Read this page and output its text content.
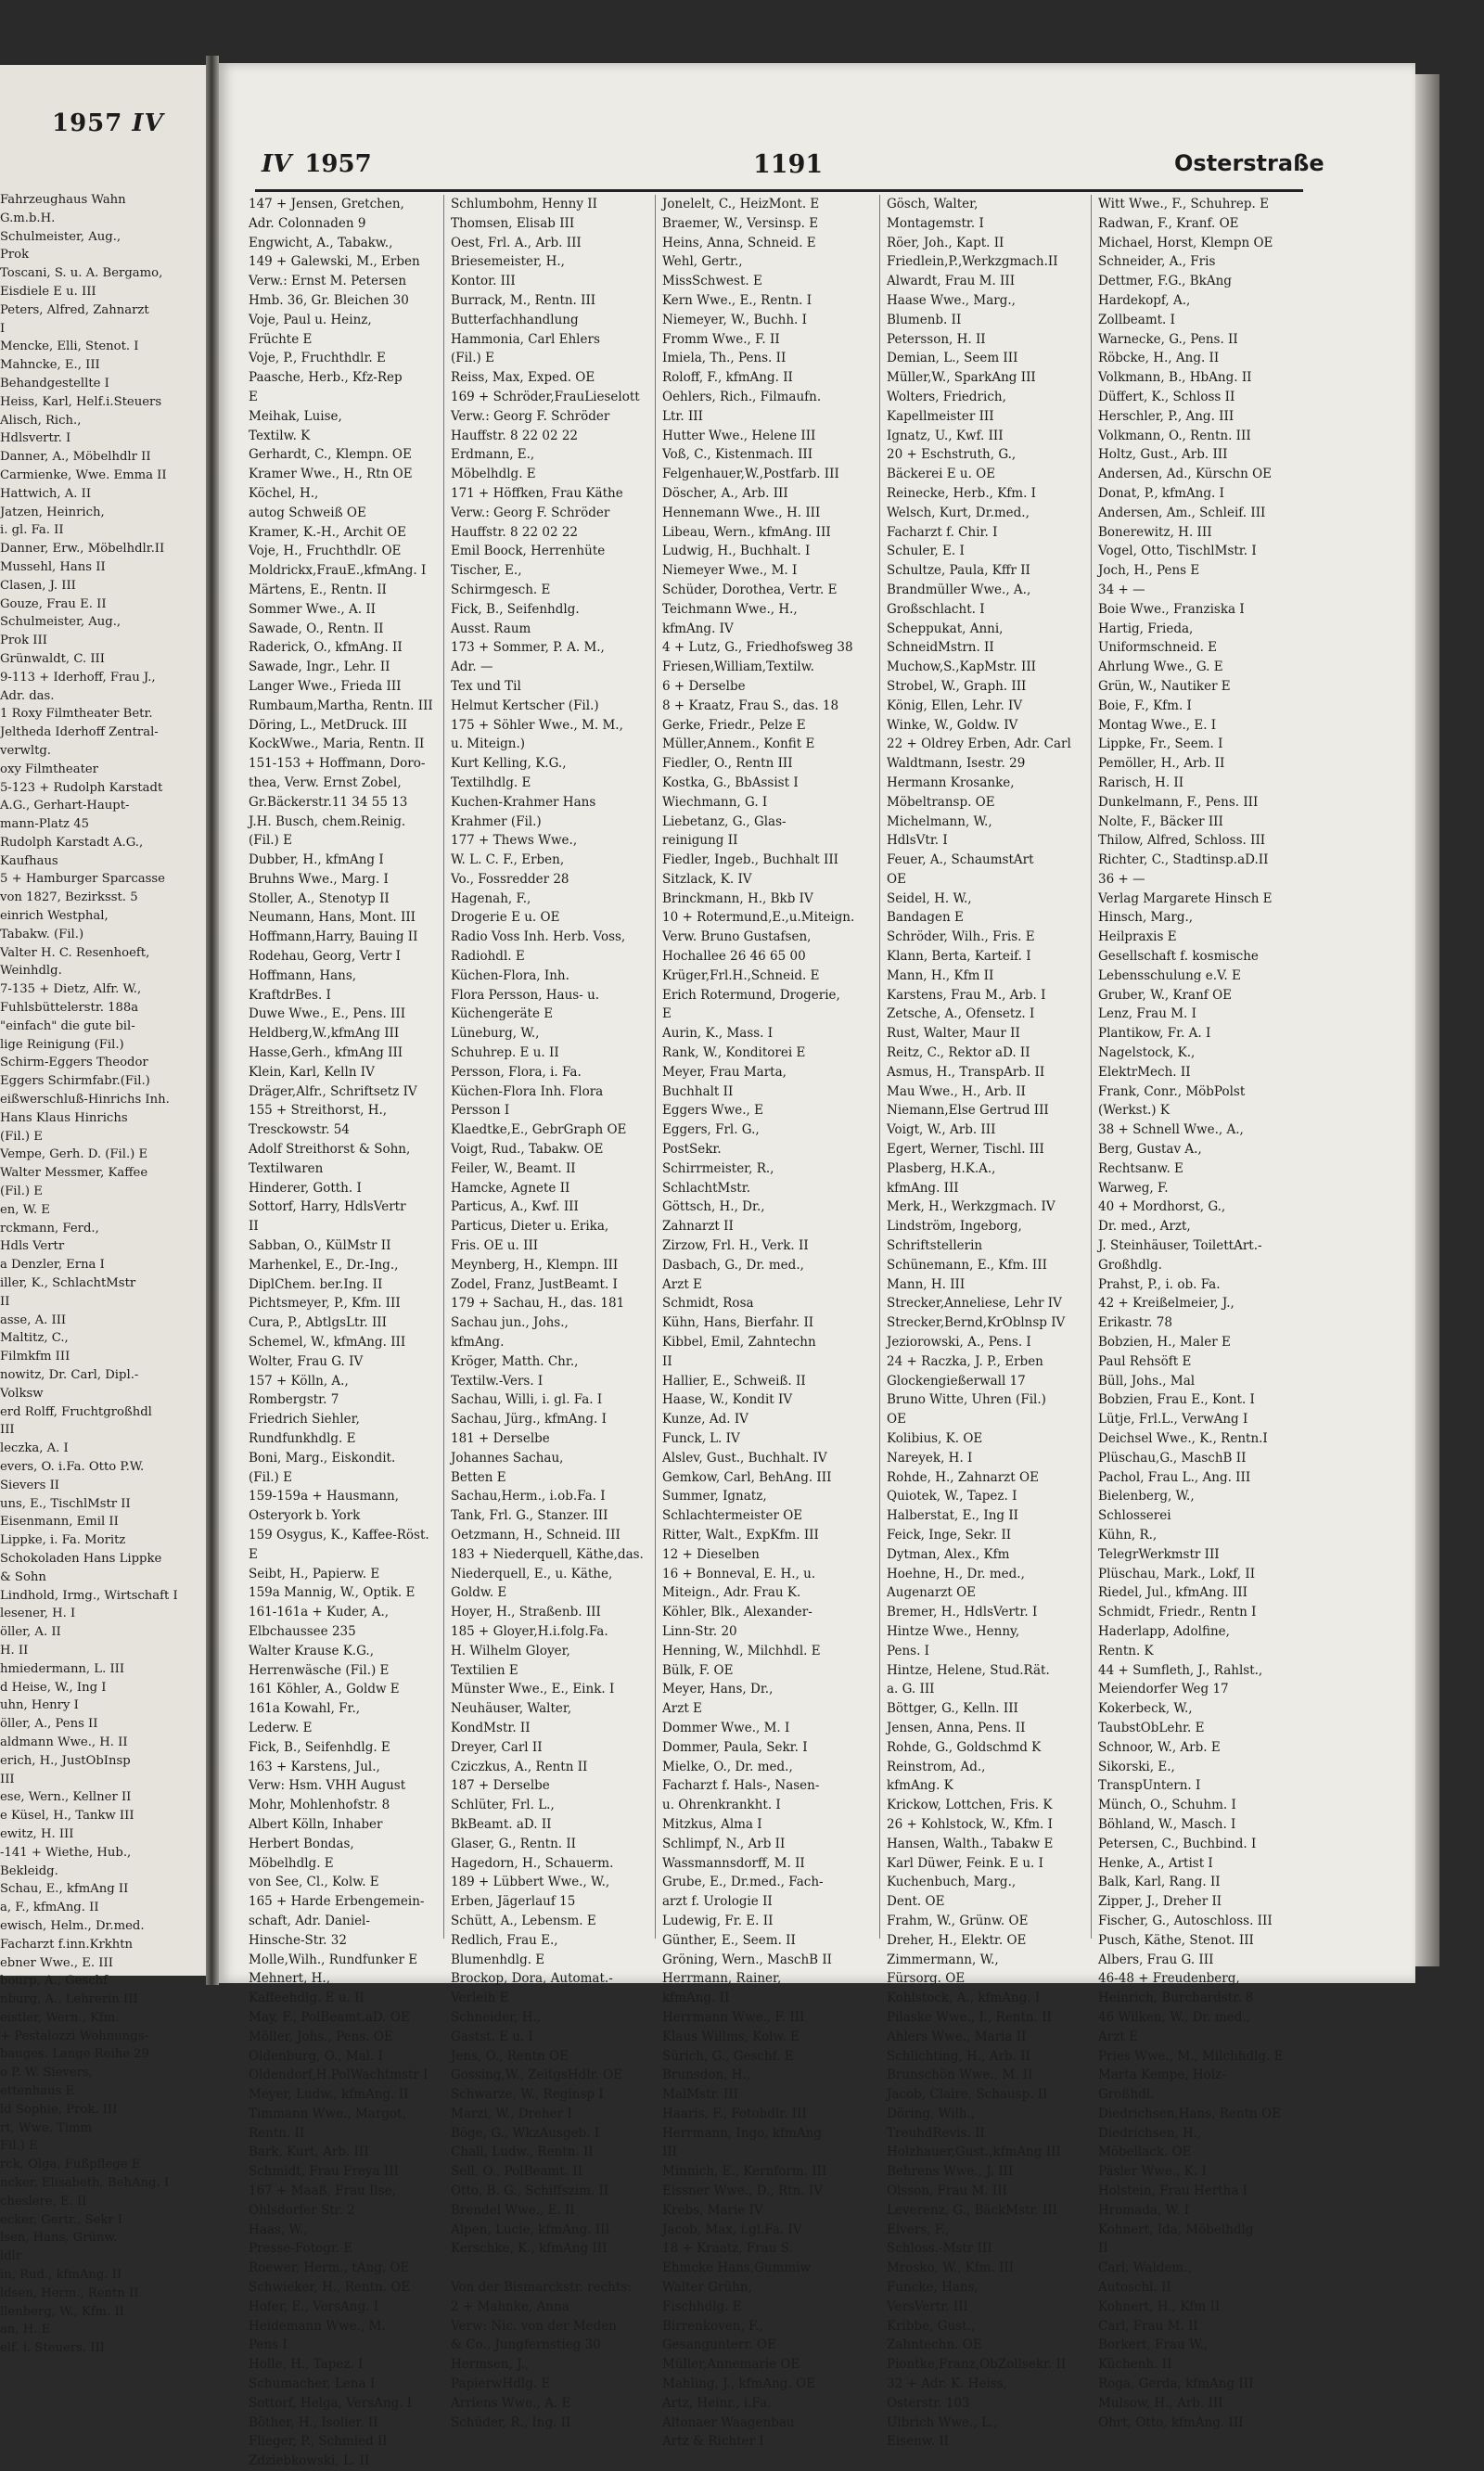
1957 IV
Fahrzeughaus Wahn
G.m.b.H.
Schulmeister, Aug.,
Prok
Toscani, S. u. A. Bergamo,
Eisdiele E u. III
Peters, Alfred, Zahnarzt
I
Mencke, Elli, Stenot. I
Mahncke, E., III
Behandgestellte I
Heiss, Karl, Helf.i.Steuers
Alisch, Rich.,
Hdlsvertr. I
Danner, A., Möbelhdlr II
Carmienke, Wwe. Emma II
Hattwich, A. II
Jatzen, Heinrich,
i. gl. Fa. II
Danner, Erw., Möbelhdlr.II
Mussehl, Hans II
Clasen, J. III
Gouze, Frau E. II
Schulmeister, Aug.,
Prok III
Grünwaldt, C. III
9-113 + Iderhoff, Frau J.,
Adr. das.
1 Roxy Filmtheater Betr.
Jeltheda Iderhoff Zentral-
verwltg.
oxy Filmtheater
5-123 + Rudolph Karstadt
A.G., Gerhart-Haupt-
mann-Platz 45
Rudolph Karstadt A.G.,
Kaufhaus
5 + Hamburger Sparcasse
von 1827, Bezirksst. 5
einrich Westphal,
Tabakw. (Fil.)
Valter H. C. Resenhoeft,
Weinhdlg.
7-135 + Dietz, Alfr. W.,
Fuhlsbüttelerstr. 188a
"einfach" die gute bil-
lige Reinigung (Fil.)
Schirm-Eggers Theodor
Eggers Schirmfabr.(Fil.)
eißwerschluß-Hinrichs Inh.
Hans Klaus Hinrichs
(Fil.) E
Vempe, Gerh. D. (Fil.) E
Walter Messmer, Kaffee
(Fil.) E
en, W. E
rckmann, Ferd.,
Hdls Vertr
a Denzler, Erna I
iller, K., SchlachtMstr
II
asse, A. III
Maltitz, C.,
Filmkfm III
nowitz, Dr. Carl, Dipl.-
Volksw
erd Rolff, Fruchtgroßhdl
III
leczka, A. I
evers, O. i.Fa. Otto P.W.
Sievers II
uns, E., TischlMstr II
Eisenmann, Emil II
Lippke, i. Fa. Moritz
Schokoladen Hans Lippke
& Sohn
Lindhold, Irmg., Wirtschaft I
lesener, H. I
öller, A. II
H. II
hmiedermann, L. III
d Heise, W., Ing I
uhn, Henry I
öller, A., Pens II
aldmann Wwe., H. II
erich, H., JustObInsp
III
ese, Wern., Kellner II
e Küsel, H., Tankw III
ewitz, H. III
-141 + Wiethe, Hub.,
Bekleidg.
Schau, E., kfmAng II
a, F., kfmAng. II
ewisch, Helm., Dr.med.
Facharzt f.inn.Krkhtn
ebner Wwe., E. III
bourp, A., Geschf
nburg, A., Lehrerin III
eistler, Wern., Kfm.
+ Pestalozzi Wohnungs-
bauges. Lange Reihe 29
o P. W. Sievers,
ettenhaus E
ld Sophie, Prok. III
rt, Wwe. Timm
Fil.) E
rck, Olga, Fußpflege E
ncker, Elisabeth, BehAng. I
cheslere, E. II
ecker, Gertr., Sekr I
lsen, Hans, Grünw.
ldlr
in, Rud., kfmAng. II
ldsen, Herm., Rentn II
llenberg, W., Kfm. II
an, H. E
elf. i. Steuers. III
IV 1957	1191	Osterstraße
147 + Jensen, Gretchen,
Adr. Colonnaden 9
Engwicht, A., Tabakw.,
149 + Galewski, M., Erben
Verw.: Ernst M. Petersen
Hmb. 36, Gr. Bleichen 30
Voje, Paul u. Heinz,
Früchte E
Voje, P., Fruchthdlr. E
Paasche, Herb., Kfz-Rep
E
Meihak, Luise,
Textilw. K
Gerhardt, C., Klempn. OE
Kramer Wwe., H., Rtn OE
Köchel, H.,
autog Schweiß OE
Kramer, K.-H., Archit OE
Voje, H., Fruchthdlr. OE
Moldrickx,FrauE.,kfmAng. I
Märtens, E., Rentn. II
Sommer Wwe., A. II
Sawade, O., Rentn. II
Raderick, O., kfmAng. II
Sawade, Ingr., Lehr. II
Langer Wwe., Frieda III
Rumbaum,Martha, Rentn. III
Döring, L., MetDruck. III
KockWwe., Maria, Rentn. II
151-153 + Hoffmann, Doro-
thea, Verw. Ernst Zobel,
Gr.Bäckerstr.11 34 55 13
J.H. Busch, chem.Reinig.
(Fil.) E
Dubber, H., kfmAng I
Bruhns Wwe., Marg. I
Stoller, A., Stenotyp II
Neumann, Hans, Mont. III
Hoffmann,Harry, Bauing II
Rodehau, Georg, Vertr I
Hoffmann, Hans,
KraftdrBes. I
Duwe Wwe., E., Pens. III
Heldberg,W.,kfmAng III
Hasse,Gerh., kfmAng III
Klein, Karl, Kelln IV
Dräger,Alfr., Schriftsetz IV
155 + Streithorst, H.,
Tresckowstr. 54
Adolf Streithorst & Sohn,
Textilwaren
Hinderer, Gotth. I
Sottorf, Harry, HdlsVertr
II
Sabban, O., KülMstr II
Marhenkel, E., Dr.-Ing.,
DiplChem. ber.Ing. II
Pichtsmeyer, P., Kfm. III
Cura, P., AbtlgsLtr. III
Schemel, W., kfmAng. III
Wolter, Frau G. IV
157 + Kölln, A.,
Rombergstr. 7
Friedrich Siehler,
Rundfunkhdlg. E
Boni, Marg., Eiskondit.
(Fil.) E
159-159a + Hausmann,
Osteryork b. York
159 Osygus, K., Kaffee-Röst.
E
Seibt, H., Papierw. E
159a Mannig, W., Optik. E
161-161a + Kuder, A.,
Elbchaussee 235
Walter Krause K.G.,
Herrenwäsche (Fil.) E
161 Köhler, A., Goldw E
161a Kowahl, Fr.,
Lederw. E
Fick, B., Seifenhdlg. E
163 + Karstens, Jul.,
Verw: Hsm. VHH August
Mohr, Mohlenhofstr. 8
Albert Kölln, Inhaber
Herbert Bondas,
Möbelhdlg. E
von See, Cl., Kolw. E
165 + Harde Erbengemein-
schaft, Adr. Daniel-
Hinsche-Str. 32
Molle,Wilh., Rundfunker E
Mehnert, H.,
Kaffeehdlg. E u. II
May, F., PolBeamt.aD. OE
Möller, Johs., Pens. OE
Oldenburg, O., Mal. I
Oldendorf,H.PolWachtmstr I
Meyer, Ludw., kfmAng. II
Timmann Wwe., Margot,
Rentn. II
Bark, Kurt, Arb. III
Schmidt, Frau Freya III
167 + Maaß, Frau Ilse,
Ohlsdorfer Str. 2
Haas, W.,
Presse-Fotogr. E
Roewer, Herm., tAng. OE
Schwieker, H., Rentn. OE
Hofer, E., VersAng. I
Heidemann Wwe., M.
Pens I
Holle, H., Tapez. I
Schumacher, Lena I
Sottorf, Helga, VersAng. I
Böther, H., Isolier. II
Flieger, P., Schmied II
Zdziebkowski, L. II
Schlumbohm, Henny II
Thomsen, Elisab III
Oest, Frl. A., Arb. III
Briesemeister, H.,
Kontor. III
Burrack, M., Rentn. III
Butterfachhandlung
Hammonia, Carl Ehlers
(Fil.) E
Reiss, Max, Exped. OE
169 + Schröder,FrauLieselott
Verw.: Georg F. Schröder
Hauffstr. 8 22 02 22
Erdmann, E.,
Möbelhdlg. E
171 + Höffken, Frau Käthe
Verw.: Georg F. Schröder
Hauffstr. 8 22 02 22
Emil Boock, Herrenhüte
Tischer, E.,
Schirmgesch. E
Fick, B., Seifenhdlg.
Ausst. Raum
173 + Sommer, P. A. M.,
Adr. —
Tex und Til
Helmut Kertscher (Fil.)
175 + Söhler Wwe., M. M.,
u. Miteign.)
Kurt Kelling, K.G.,
Textilhdlg. E
Kuchen-Krahmer Hans
Krahmer (Fil.)
177 + Thews Wwe.,
W. L. C. F., Erben,
Vo., Fossredder 28
Hagenah, F.,
Drogerie E u. OE
Radio Voss Inh. Herb. Voss,
Radiohdl. E
Küchen-Flora, Inh.
Flora Persson, Haus- u.
Küchengeräte E
Lüneburg, W.,
Schuhrep. E u. II
Persson, Flora, i. Fa.
Küchen-Flora Inh. Flora
Persson I
Klaedtke,E., GebrGraph OE
Voigt, Rud., Tabakw. OE
Feiler, W., Beamt. II
Hamcke, Agnete II
Particus, A., Kwf. III
Particus, Dieter u. Erika,
Fris. OE u. III
Meynberg, H., Klempn. III
Zodel, Franz, JustBeamt. I
179 + Sachau, H., das. 181
Sachau jun., Johs.,
kfmAng.
Kröger, Matth. Chr.,
Textilw.-Vers. I
Sachau, Willi, i. gl. Fa. I
Sachau, Jürg., kfmAng. I
181 + Derselbe
Johannes Sachau,
Betten E
Sachau,Herm., i.ob.Fa. I
Tank, Frl. G., Stanzer. III
Oetzmann, H., Schneid. III
183 + Niederquell, Käthe,das.
Niederquell, E., u. Käthe,
Goldw. E
Hoyer, H., Straßenb. III
185 + Gloyer,H.i.folg.Fa.
H. Wilhelm Gloyer,
Textilien E
Münster Wwe., E., Eink. I
Neuhäuser, Walter,
KondMstr. II
Dreyer, Carl II
Cziczkus, A., Rentn II
187 + Derselbe
Schlüter, Frl. L.,
BkBeamt. aD. II
Glaser, G., Rentn. II
Hagedorn, H., Schauerm.
189 + Lübbert Wwe., W.,
Erben, Jägerlauf 15
Schütt, A., Lebensm. E
Redlich, Frau E.,
Blumenhdlg. E
Brockop, Dora, Automat.-
Verleih E
Schneider, H.,
Gastst. E u. I
Jens, O., Rentn OE
Gossing,W., ZeitgsHdlr. OE
Schwarze, W., Reginsp I
Marzi, W., Dreher I
Böge, G., WkzAusgeb. I
Chall, Ludw., Rentn. II
Sell, O., PolBeamt. II
Otto, B. G., Schiffszim. II
Brendel Wwe., E. II
Alpen, Lucie, kfmAng. III
Kerschke, K., kfmAng III
Von der Bismarckstr. rechts:
2 + Mahnke, Anna
Verw: Nic. von der Meden
& Co., Jungfernstieg 30
Hermsen, J.,
PapierwHdlg. E
Arriens Wwe., A. E
Schüder, R., Ing. II
Jonelelt, C., HeizMont. E
Braemer, W., Versinsp. E
Heins, Anna, Schneid. E
Wehl, Gertr.,
MissSchwest. E
Kern Wwe., E., Rentn. I
Niemeyer, W., Buchh. I
Fromm Wwe., F. II
Imiela, Th., Pens. II
Roloff, F., kfmAng. II
Oehlers, Rich., Filmaufn.
Ltr. III
Hutter Wwe., Helene III
Voß, C., Kistenmach. III
Felgenhauer,W.,Postfarb. III
Döscher, A., Arb. III
Hennemann Wwe., H. III
Libeau, Wern., kfmAng. III
Ludwig, H., Buchhalt. I
Niemeyer Wwe., M. I
Schüder, Dorothea, Vertr. E
Teichmann Wwe., H.,
kfmAng. IV
4 + Lutz, G., Friedhofsweg 38
Friesen,William,Textilw.
6 + Derselbe
8 + Kraatz, Frau S., das. 18
Gerke, Friedr., Pelze E
Müller,Annem., Konfit E
Fiedler, O., Rentn III
Kostka, G., BbAssist I
Wiechmann, G. I
Liebetanz, G., Glas-
reinigung II
Fiedler, Ingeb., Buchhalt III
Sitzlack, K. IV
Brinckmann, H., Bkb IV
10 + Rotermund,E.,u.Miteign.
Verw. Bruno Gustafsen,
Hochallee 26 46 65 00
Krüger,Frl.H.,Schneid. E
Erich Rotermund, Drogerie,
E
Aurin, K., Mass. I
Rank, W., Konditorei E
Meyer, Frau Marta,
Buchhalt II
Eggers Wwe., E
Eggers, Frl. G.,
PostSekr.
Schirrmeister, R.,
SchlachtMstr.
Göttsch, H., Dr.,
Zahnarzt II
Zirzow, Frl. H., Verk. II
Dasbach, G., Dr. med.,
Arzt E
Schmidt, Rosa
Kühn, Hans, Bierfahr. II
Kibbel, Emil, Zahntechn
II
Hallier, E., Schweiß. II
Haase, W., Kondit IV
Kunze, Ad. IV
Funck, L. IV
Alslev, Gust., Buchhalt. IV
Gemkow, Carl, BehAng. III
Summer, Ignatz,
Schlachtermeister OE
Ritter, Walt., ExpKfm. III
12 + Dieselben
16 + Bonneval, E. H., u.
Miteign., Adr. Frau K.
Köhler, Blk., Alexander-
Linn-Str. 20
Henning, W., Milchhdl. E
Bülk, F. OE
Meyer, Hans, Dr.,
Arzt E
Dommer Wwe., M. I
Dommer, Paula, Sekr. I
Mielke, O., Dr. med.,
Facharzt f. Hals-, Nasen-
u. Ohrenkrankht. I
Mitzkus, Alma I
Schlimpf, N., Arb II
Wassmannsdorff, M. II
Grube, E., Dr.med., Fach-
arzt f. Urologie II
Ludewig, Fr. E. II
Günther, E., Seem. II
Gröning, Wern., MaschB II
Herrmann, Rainer,
kfmAng. II
Herrmann Wwe., F. III
Klaus Willms, Kolw. E
Sürich, G., Geschf. E
Brunsdon, H.,
MalMstr. III
Haaris, F., Fotohdlr. III
Herrmann, Ingo, kfmAng
III
Minnich, E., Kernform. III
Eissner Wwe., D., Rtn. IV
Krebs, Marie IV
Jacob, Max, i.gl.Fa. IV
18 + Kraatz, Frau S.
Ehmcke Hans,Gummiw
Walter Grühn,
Fischhdlg. E
Birrenkoven, F.,
Gesangunterr. OE
Müller,Annemarie OE
Mahling, J., kfmAng. OE
Artz, Heinr., i.Fa.
Altonaer Waagenbau
Artz & Richter I
Gösch, Walter,
Montagemstr. I
Röer, Joh., Kapt. II
Friedlein,P.,Werkzgmach.II
Alwardt, Frau M. III
Haase Wwe., Marg.,
Blumenb. II
Petersson, H. II
Demian, L., Seem III
Müller,W., SparkAng III
Wolters, Friedrich,
Kapellmeister III
Ignatz, U., Kwf. III
20 + Eschstruth, G.,
Bäckerei E u. OE
Reinecke, Herb., Kfm. I
Welsch, Kurt, Dr.med.,
Facharzt f. Chir. I
Schuler, E. I
Schultze, Paula, Kffr II
Brandmüller Wwe., A.,
Großschlacht. I
Scheppukat, Anni,
SchneidMstrn. II
Muchow,S.,KapMstr. III
Strobel, W., Graph. III
König, Ellen, Lehr. IV
Winke, W., Goldw. IV
22 + Oldrey Erben, Adr. Carl
Waldtmann, Isestr. 29
Hermann Krosanke,
Möbeltransp. OE
Michelmann, W.,
HdlsVtr. I
Feuer, A., SchaumstArt
OE
Seidel, H. W.,
Bandagen E
Schröder, Wilh., Fris. E
Klann, Berta, Karteif. I
Mann, H., Kfm II
Karstens, Frau M., Arb. I
Zetsche, A., Ofensetz. I
Rust, Walter, Maur II
Reitz, C., Rektor aD. II
Asmus, H., TranspArb. II
Mau Wwe., H., Arb. II
Niemann,Else Gertrud III
Voigt, W., Arb. III
Egert, Werner, Tischl. III
Plasberg, H.K.A.,
kfmAng. III
Merk, H., Werkzgmach. IV
Lindström, Ingeborg,
Schriftstellerin
Schünemann, E., Kfm. III
Mann, H. III
Strecker,Anneliese, Lehr IV
Strecker,Bernd,KrOblnsp IV
Jeziorowski, A., Pens. I
24 + Raczka, J. P., Erben
Glockengießerwall 17
Bruno Witte, Uhren (Fil.)
OE
Kolibius, K. OE
Nareyek, H. I
Rohde, H., Zahnarzt OE
Quiotek, W., Tapez. I
Halberstat, E., Ing II
Feick, Inge, Sekr. II
Dytman, Alex., Kfm
Hoehne, H., Dr. med.,
Augenarzt OE
Bremer, H., HdlsVertr. I
Hintze Wwe., Henny,
Pens. I
Hintze, Helene, Stud.Rät.
a. G. III
Böttger, G., Kelln. III
Jensen, Anna, Pens. II
Rohde, G., Goldschmd K
Reinstrom, Ad.,
kfmAng. K
Krickow, Lottchen, Fris. K
26 + Kohlstock, W., Kfm. I
Hansen, Walth., Tabakw E
Karl Düwer, Feink. E u. I
Kuchenbuch, Marg.,
Dent. OE
Frahm, W., Grünw. OE
Dreher, H., Elektr. OE
Zimmermann, W.,
Fürsorg. OE
Kohlstock, A., kfmAng. I
Pilaske Wwe., I., Rentn. II
Ahlers Wwe., Maria II
Schlichting, H., Arb. II
Brunschön Wwe., M. II
Jacob, Claire, Schausp. II
Döring, Wilh.,
TreuhdRevis. II
Holzhauer,Gust.,kfmAng III
Behrens Wwe., J. III
Olsson, Frau M. III
Leverenz, G., BäckMstr. III
Elvers, F.,
Schloss.-Mstr III
Mrosko, W., Kfm. III
Funcke, Hans,
VersVertr. III
Kribbe, Gust.,
Zahntechn. OE
Piontke,Franz,ObZollsekr. II
32 + Adr. K. Heiss,
Osterstr. 103
Ulbrich Wwe., L.,
Eisenw. II
Witt Wwe., F., Schuhrep. E
Radwan, F., Kranf. OE
Michael, Horst, Klempn OE
Schneider, A., Fris
Dettmer, F.G., BkAng
Hardekopf, A.,
Zollbeamt. I
Warnecke, G., Pens. II
Röbcke, H., Ang. II
Volkmann, B., HbAng. II
Düffert, K., Schloss II
Herschler, P., Ang. III
Volkmann, O., Rentn. III
Holtz, Gust., Arb. III
Andersen, Ad., Kürschn OE
Donat, P., kfmAng. I
Andersen, Am., Schleif. III
Bonerewitz, H. III
Vogel, Otto, TischlMstr. I
Joch, H., Pens E
34 + —
Boie Wwe., Franziska I
Hartig, Frieda,
Uniformschneid. E
Ahrlung Wwe., G. E
Grün, W., Nautiker E
Boie, F., Kfm. I
Montag Wwe., E. I
Lippke, Fr., Seem. I
Pemöller, H., Arb. II
Rarisch, H. II
Dunkelmann, F., Pens. III
Nolte, F., Bäcker III
Thilow, Alfred, Schloss. III
Richter, C., Stadtinsp.aD.II
36 + —
Verlag Margarete Hinsch E
Hinsch, Marg.,
Heilpraxis E
Gesellschaft f. kosmische
Lebensschulung e.V. E
Gruber, W., Kranf OE
Lenz, Frau M. I
Plantikow, Fr. A. I
Nagelstock, K.,
ElektrMech. II
Frank, Conr., MöbPolst
(Werkst.) K
38 + Schnell Wwe., A.,
Berg, Gustav A.,
Rechtsanw. E
Warweg, F.
40 + Mordhorst, G.,
Dr. med., Arzt,
J. Steinhäuser, ToilettArt.-
Großhdlg.
Prahst, P., i. ob. Fa.
42 + Kreißelmeier, J.,
Erikastr. 78
Bobzien, H., Maler E
Paul Rehsöft E
Büll, Johs., Mal
Bobzien, Frau E., Kont. I
Lütje, Frl.L., VerwAng I
Deichsel Wwe., K., Rentn.I
Plüschau,G., MaschB II
Pachol, Frau L., Ang. III
Bielenberg, W.,
Schlosserei
Kühn, R.,
TelegrWerkmstr III
Plüschau, Mark., Lokf, II
Riedel, Jul., kfmAng. III
Schmidt, Friedr., Rentn I
Haderlapp, Adolfine,
Rentn. K
44 + Sumfleth, J., Rahlst.,
Meiendorfer Weg 17
Kokerbeck, W.,
TaubstObLehr. E
Schnoor, W., Arb. E
Sikorski, E.,
TranspUntern. I
Münch, O., Schuhm. I
Böhland, W., Masch. I
Petersen, C., Buchbind. I
Henke, A., Artist I
Balk, Karl, Rang. II
Zipper, J., Dreher II
Fischer, G., Autoschloss. III
Pusch, Käthe, Stenot. III
Albers, Frau G. III
46-48 + Freudenberg,
Heinrich, Burchardstr. 8
46 Wilken, W., Dr. med.,
Arzt E
Pries Wwe., M., Milchhdlg. E
Marta Kempe, Holz-
Großhdl.
Diedrichsen,Hans, Rentn OE
Diedrichsen, H.,
Möbellack. OE
Päsler Wwe., K. I
Holstein, Frau Hertha I
Hromada, W. I
Kohnert, Ida, Möbelhdlg
II
Carl, Waldem.,
Autoschl. II
Kohnert, H., Kfm II
Carl, Frau M. II
Borkert, Frau W.,
Küchenh. II
Roga, Gerda, kfmAng III
Mulsow, H., Arb. III
Ohrt, Otto, kfmAng. III
